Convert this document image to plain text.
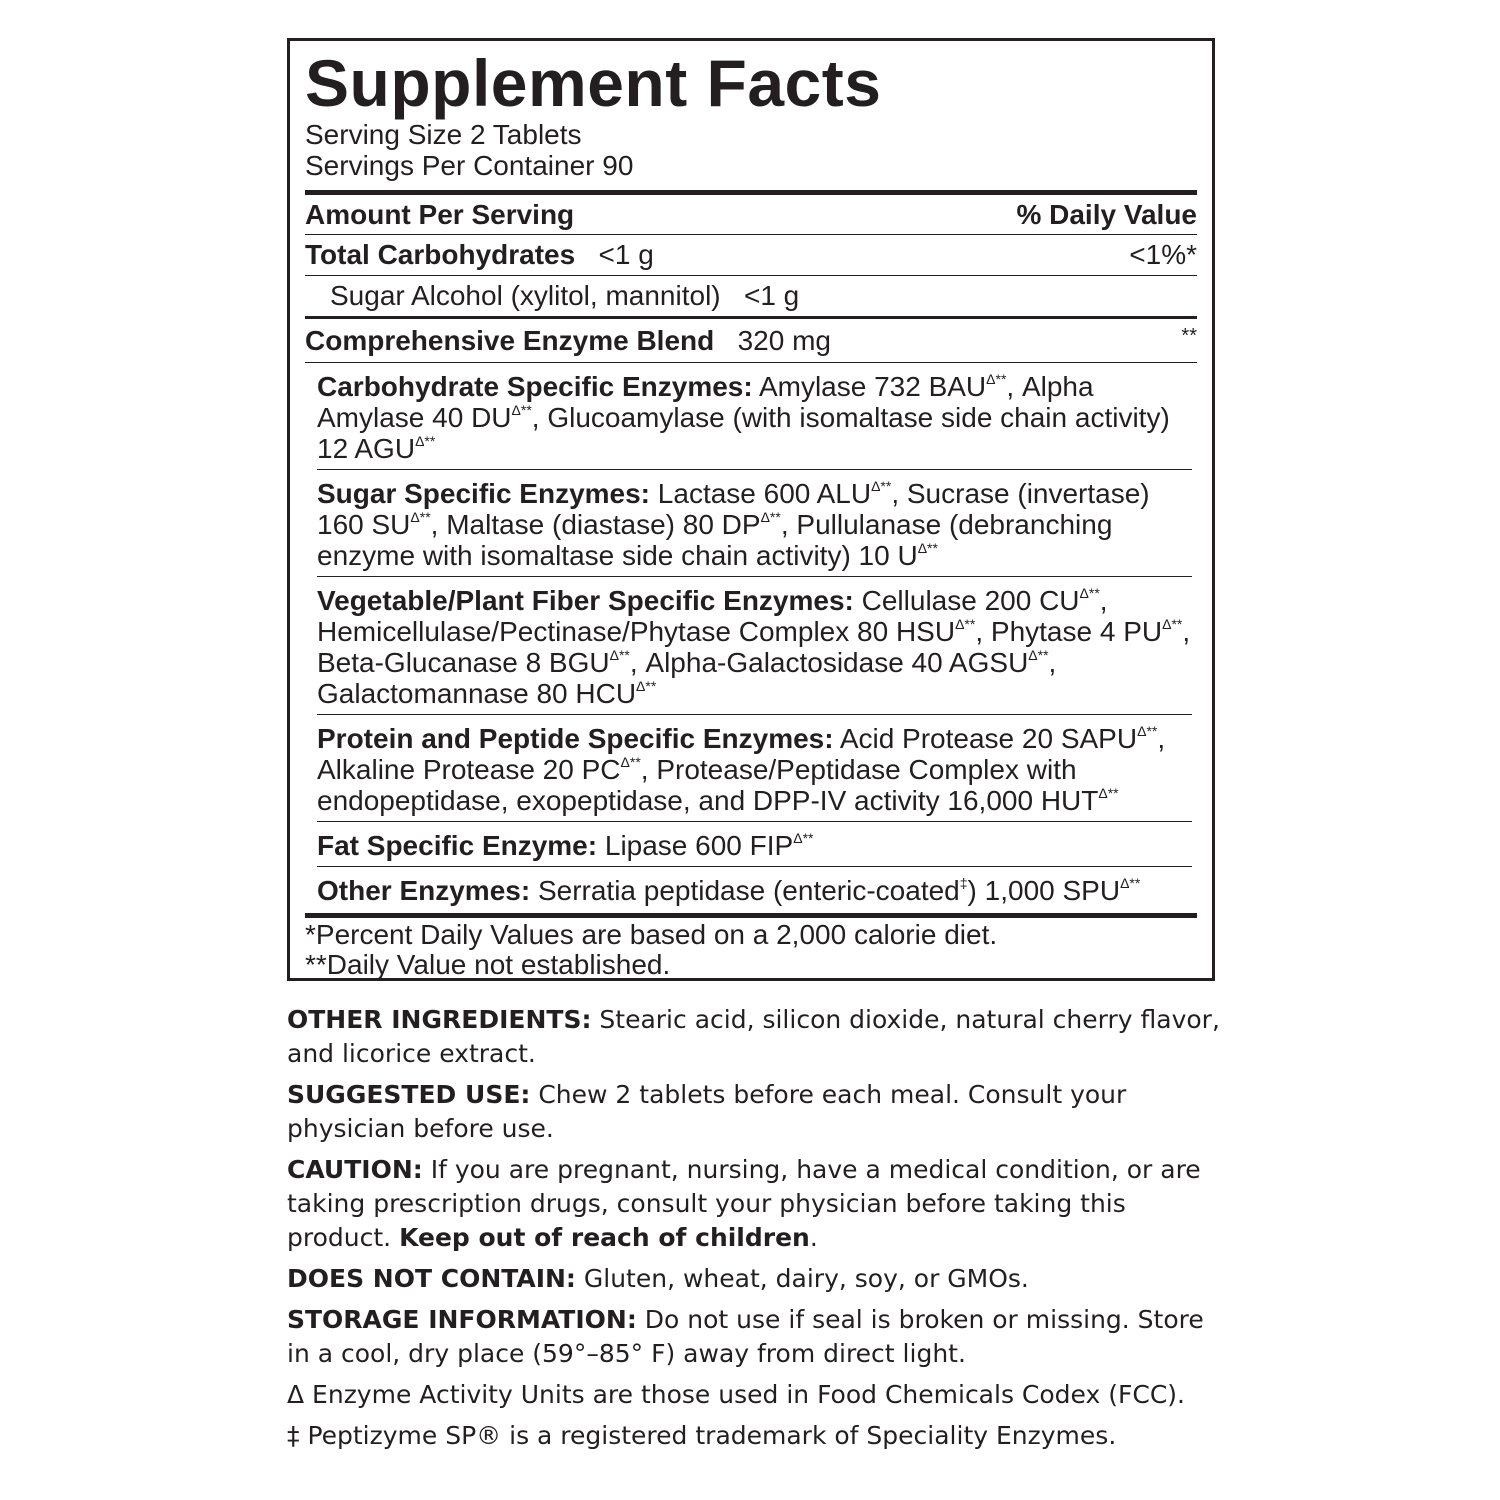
Supplement Facts
Serving Size 2 Tablets
Servings Per Container 90
Amount Per Serving	% Daily Value
Total Carbohydrates <1 g	<1%*
Sugar Alcohol (xylitol, mannitol) <1 g
Comprehensive Enzyme Blend 320 mg	**
Carbohydrate Specific Enzymes: Amylase 732 $BAU^{\Delta**}$, Alpha Amylase 40 $DU^{\Delta**}$, Glucoamylase (with isomaltase side chain activity) 12 $AGU^{\Delta**}$
Sugar Specific Enzymes: Lactase 600 $ALU^{\Delta**}$, Sucrase (invertase) 160 $SU^{\Delta**}$, Maltase (diastase) 80 $DP^{\Delta**}$, Pullulanase (debranching enzyme with isomaltase side chain activity) 10 $U^{\Delta**}$
Vegetable/Plant Fiber Specific Enzymes: Cellulase 200 $CU^{\Delta**}$, Hemicellulase/Pectinase/Phytase Complex 80 $HSU^{\Delta**}$, Phytase 4 $PU^{\Delta**}$, Beta-Glucanase 8 $BGU^{\Delta**}$, Alpha-Galactosidase 40 $AGSU^{\Delta**}$, Galactomannase 80 $HCU^{\Delta**}$
Protein and Peptide Specific Enzymes: Acid Protease 20 $SAPU^{\Delta**}$, Alkaline Protease 20 $PC^{\Delta**}$, Protease/Peptidase Complex with endopeptidase, exopeptidase, and DPP-IV activity 16,000 $HUT^{\Delta**}$
Fat Specific Enzyme: Lipase 600 $FIP^{\Delta**}$
Other Enzymes: Serratia peptidase (enteric-coated‡) 1,000 $SPU^{\Delta**}$
*Percent Daily Values are based on a 2,000 calorie diet.
**Daily Value not established.

OTHER INGREDIENTS: Stearic acid, silicon dioxide, natural cherry flavor, and licorice extract.

SUGGESTED USE: Chew 2 tablets before each meal. Consult your physician before use.

CAUTION: If you are pregnant, nursing, have a medical condition, or are taking prescription drugs, consult your physician before taking this product. Keep out of reach of children.

DOES NOT CONTAIN: Gluten, wheat, dairy, soy, or GMOs.

STORAGE INFORMATION: Do not use if seal is broken or missing. Store in a cool, dry place (59°–85° F) away from direct light.

Δ Enzyme Activity Units are those used in Food Chemicals Codex (FCC).

‡ Peptizyme SP® is a registered trademark of Speciality Enzymes.
